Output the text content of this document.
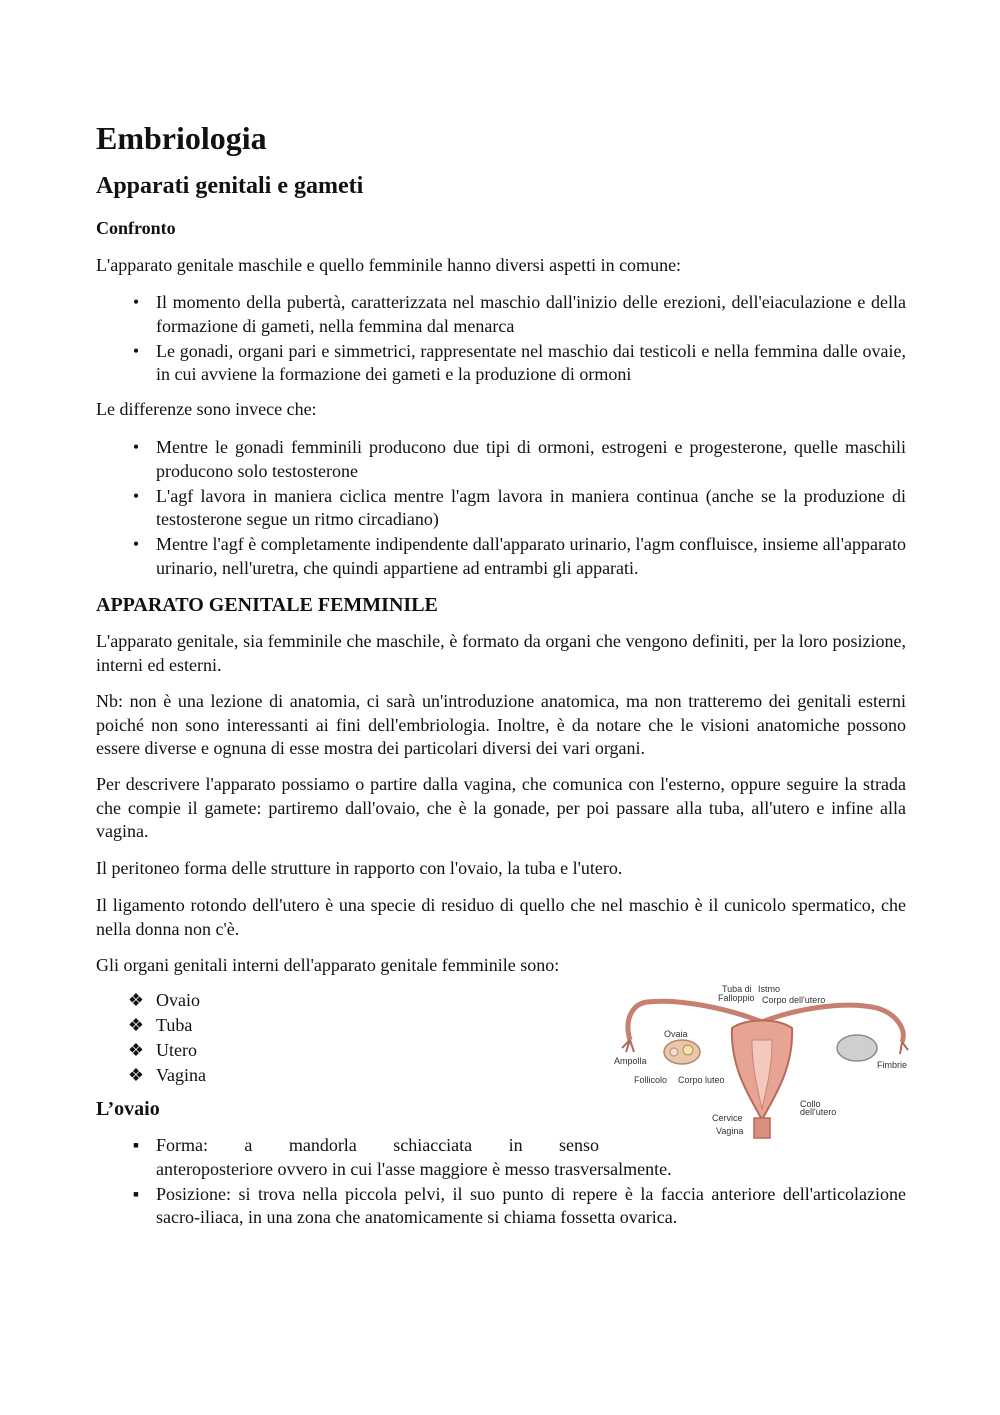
Embriologia
Apparati genitali e gameti
Confronto

L'apparato genitale maschile e quello femminile hanno diversi aspetti in comune:

• Il momento della pubertà, caratterizzata nel maschio dall'inizio delle erezioni, dell'eiaculazione e della formazione di gameti, nella femmina dal menarca
• Le gonadi, organi pari e simmetrici, rappresentate nel maschio dai testicoli e nella femmina dalle ovaie, in cui avviene la formazione dei gameti e la produzione di ormoni

Le differenze sono invece che:

• Mentre le gonadi femminili producono due tipi di ormoni, estrogeni e progesterone, quelle maschili producono solo testosterone
• L'agf lavora in maniera ciclica mentre l'agm lavora in maniera continua (anche se la produzione di testosterone segue un ritmo circadiano)
• Mentre l'agf è completamente indipendente dall'apparato urinario, l'agm confluisce, insieme all'apparato urinario, nell'uretra, che quindi appartiene ad entrambi gli apparati.
APPARATO GENITALE FEMMINILE

L'apparato genitale, sia femminile che maschile, è formato da organi che vengono definiti, per la loro posizione, interni ed esterni.

Nb: non è una lezione di anatomia, ci sarà un'introduzione anatomica, ma non tratteremo dei genitali esterni poiché non sono interessanti ai fini dell'embriologia. Inoltre, è da notare che le visioni anatomiche possono essere diverse e ognuna di esse mostra dei particolari diversi dei vari organi.

Per descrivere l'apparato possiamo o partire dalla vagina, che comunica con l'esterno, oppure seguire la strada che compie il gamete: partiremo dall'ovaio, che è la gonade, per poi passare alla tuba, all'utero e infine alla vagina.

Il peritoneo forma delle strutture in rapporto con l'ovaio, la tuba e l'utero.

Il ligamento rotondo dell'utero è una specie di residuo di quello che nel maschio è il cunicolo spermatico, che nella donna non c'è.

Gli organi genitali interni dell'apparato genitale femminile sono:

❖ Ovaio
❖ Tuba
❖ Utero
❖ Vagina
L’ovaio
▪ Forma: a mandorla schiacciata in senso
anteroposteriore ovvero in cui l'asse maggiore è messo trasversalmente.
▪ Posizione: si trova nella piccola pelvi, il suo punto di repere è la faccia anteriore dell'articolazione sacro-iliaca, in una zona che anatomicamente si chiama fossetta ovarica.
Tuba di
Falloppio
Istmo
Corpo dell'utero
Ovaia
Ampolla	Fimbrie
Follicolo Corpo luteo
Collo
dell'utero
Cervice
Vagina
